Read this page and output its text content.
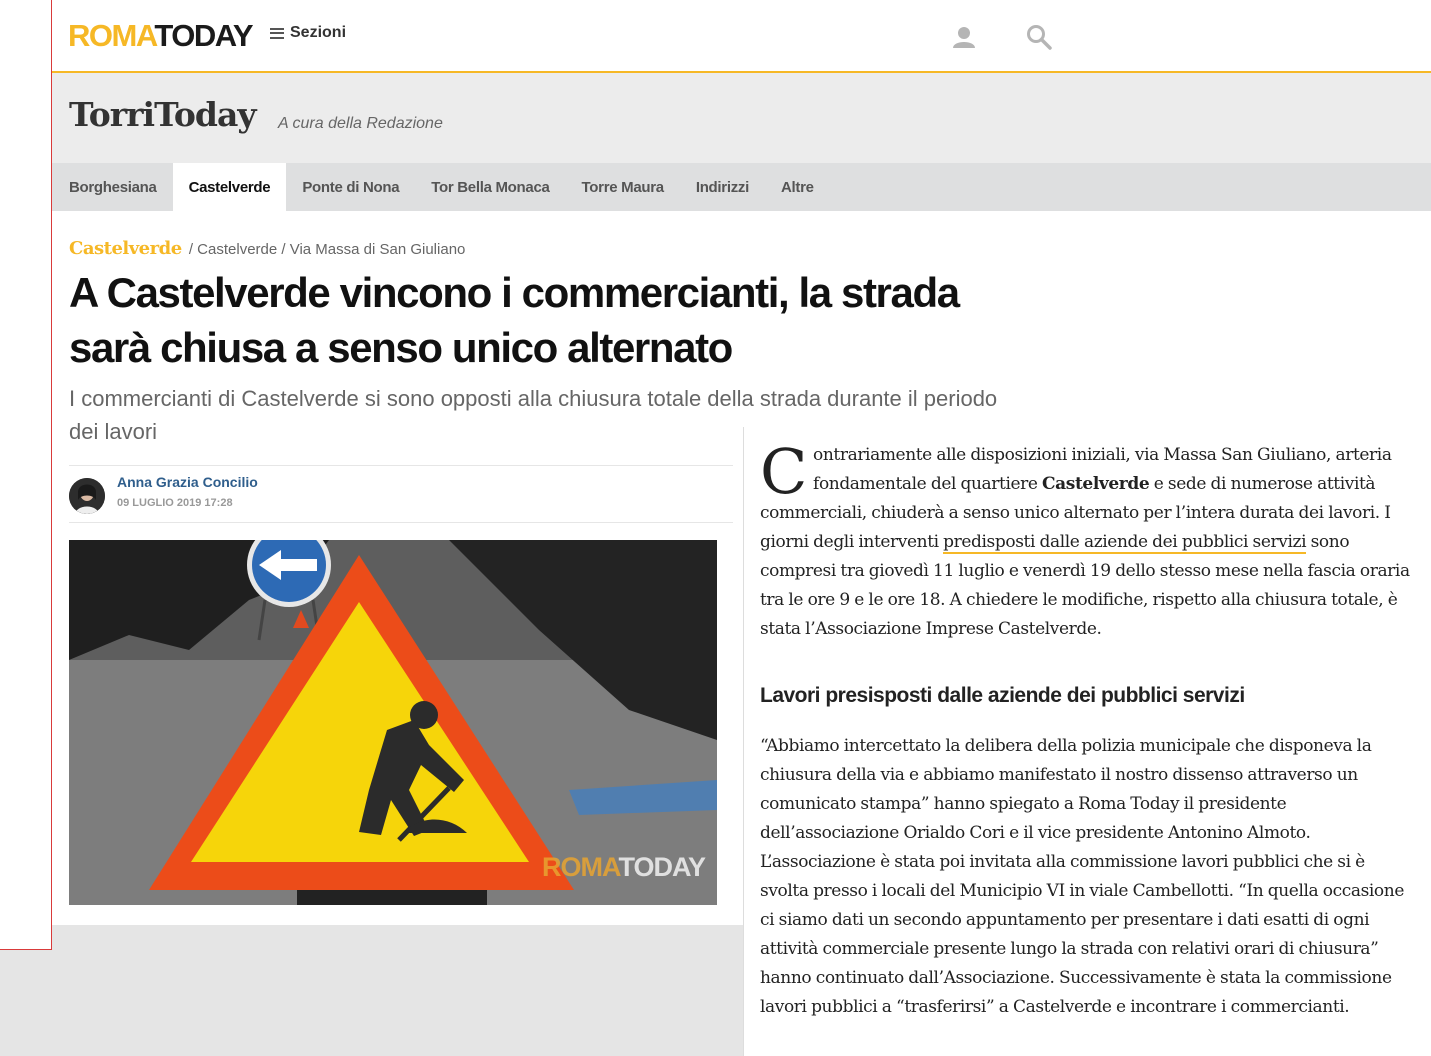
ROMATODAY Sezioni
TorriToday A cura della Redazione
Borghesiana	Castelverde	Ponte di Nona	Tor Bella Monaca	Torre Maura	Indirizzi	Altre
Castelverde / Castelverde / Via Massa di San Giuliano
A Castelverde vincono i commercianti, la strada sarà chiusa a senso unico alternato

I commercianti di Castelverde si sono opposti alla chiusura totale della strada durante il periodo dei lavori

Anna Grazia Concilio
09 LUGLIO 2019 17:28
ROMATODAY

Contrariamente alle disposizioni iniziali, via Massa San Giuliano, arteria fondamentale del quartiere Castelverde e sede di numerose attività commerciali, chiuderà a senso unico alternato per l’intera durata dei lavori. I giorni degli interventi predisposti dalle aziende dei pubblici servizi sono compresi tra giovedì 11 luglio e venerdì 19 dello stesso mese nella fascia oraria tra le ore 9 e le ore 18. A chiedere le modifiche, rispetto alla chiusura totale, è stata l’Associazione Imprese Castelverde.

Lavori presisposti dalle aziende dei pubblici servizi

“Abbiamo intercettato la delibera della polizia municipale che disponeva la chiusura della via e abbiamo manifestato il nostro dissenso attraverso un comunicato stampa” hanno spiegato a Roma Today il presidente dell’associazione Orialdo Cori e il vice presidente Antonino Almoto. L’associazione è stata poi invitata alla commissione lavori pubblici che si è svolta presso i locali del Municipio VI in viale Cambellotti. “In quella occasione ci siamo dati un secondo appuntamento per presentare i dati esatti di ogni attività commerciale presente lungo la strada con relativi orari di chiusura” hanno continuato dall’Associazione. Successivamente è stata la commissione lavori pubblici a “trasferirsi” a Castelverde e incontrare i commercianti.
